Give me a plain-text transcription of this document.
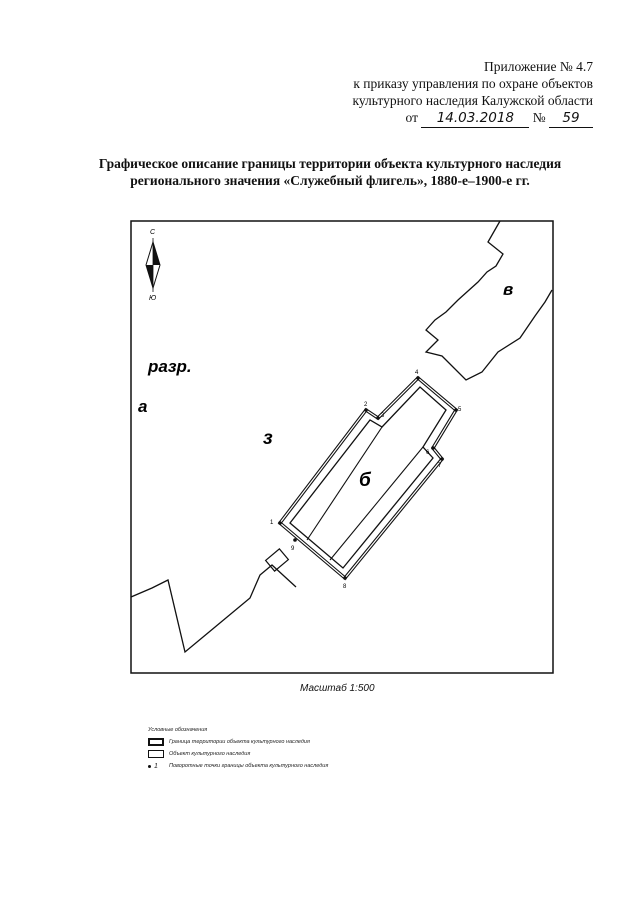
Приложение № 4.7
к приказу управления по охране объектов
культурного наследия Калужской области
от 14.03.2018 № 59
Графическое описание границы территории объекта культурного наследия
регионального значения «Служебный флигель», 1880-е–1900-е гг.
С
Ю
1
2
3
4
5
6
7
8
9
а
разр.
з
б
в
Масштаб 1:500
Условные обозначения
Граница территории объекта культурного наследия
Объект культурного наследия
1 Поворотные точки границы объекта культурного наследия
